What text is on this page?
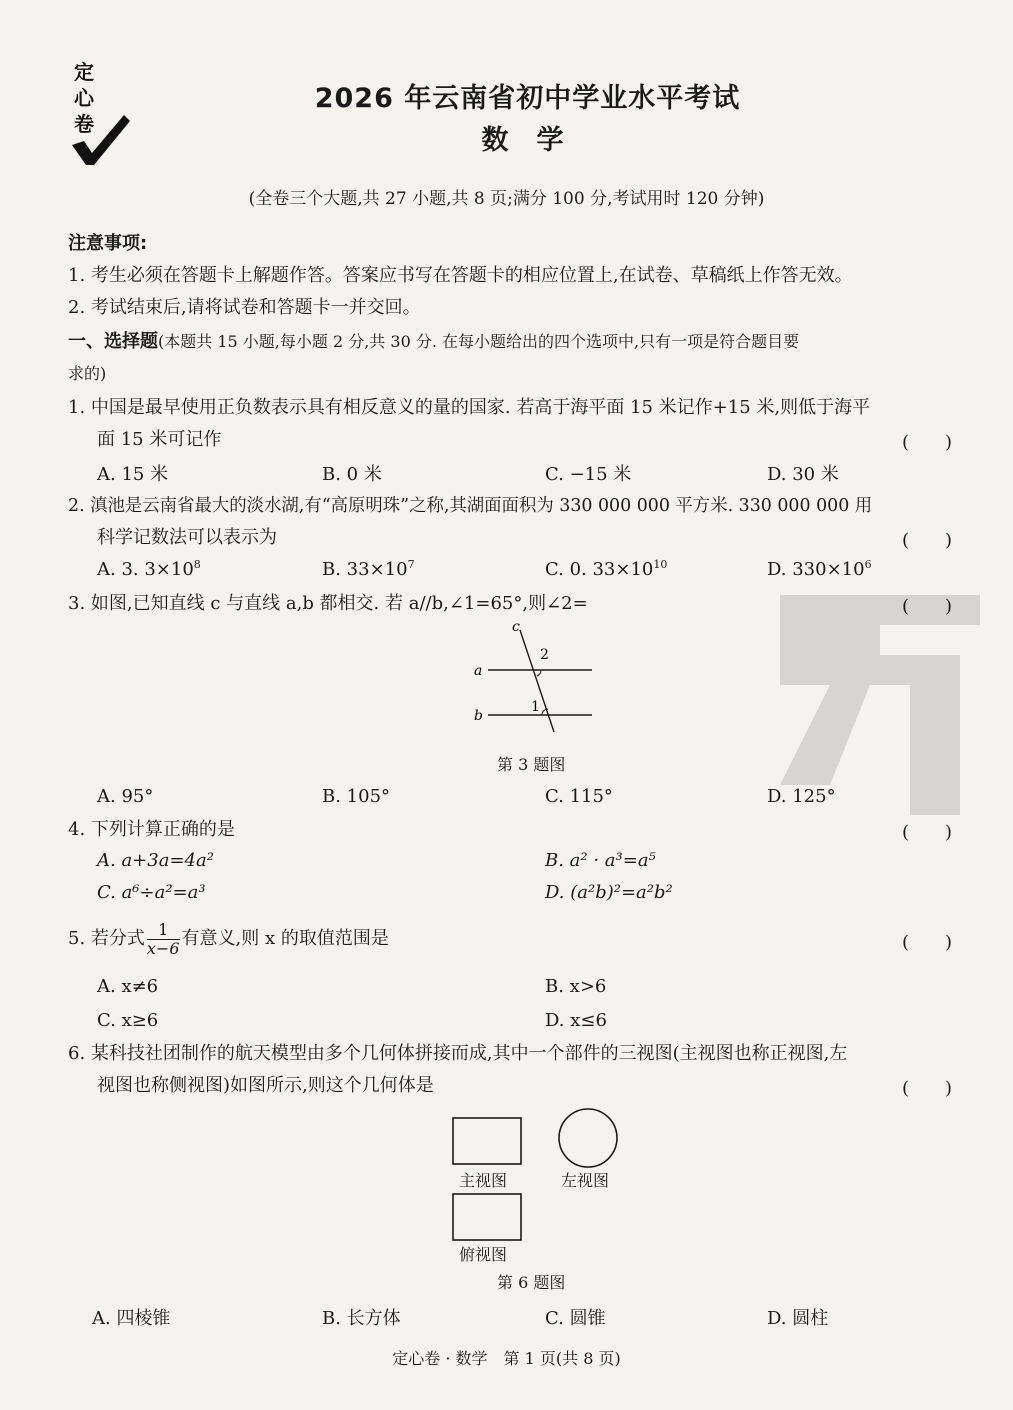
定
心
卷
2026 年云南省初中学业水平考试
数学
(全卷三个大题,共 27 小题,共 8 页;满分 100 分,考试用时 120 分钟)
注意事项:
1. 考生必须在答题卡上解题作答。答案应书写在答题卡的相应位置上,在试卷、草稿纸上作答无效。
2. 考试结束后,请将试卷和答题卡一并交回。
一、选择题(本题共 15 小题,每小题 2 分,共 30 分. 在每小题给出的四个选项中,只有一项是符合题目要
求的)
1. 中国是最早使用正负数表示具有相反意义的量的国家. 若高于海平面 15 米记作+15 米,则低于海平
面 15 米可记作	(　　)
A. 15 米	B. 0 米	C. −15 米	D. 30 米
2. 滇池是云南省最大的淡水湖,有“高原明珠”之称,其湖面面积为 330 000 000 平方米. 330 000 000 用
科学记数法可以表示为	(　　)
A. 3. $3\times 10^8$	B. $33\times 10^7$	C. 0. $33\times 10^{10}$	D. $330\times 10^6$
3. 如图,已知直线 c 与直线 a,b 都相交. 若 a//b,∠1=65°,则∠2=	(　　)
c
a
b
2
1
第 3 题图
A. 95°	B. 105°	C. 115°	D. 125°
4. 下列计算正确的是	(　　)
A. a+3a=4a²	B. a² · a³=a⁵
C. a⁶÷a²=a³	D. (a²b)²=a²b²
5. 若分式 $\frac{1}{x-6}$ 有意义,则 x 的取值范围是	(　　)
A. x≠6	B. x>6
C. x≥6	D. x≤6
6. 某科技社团制作的航天模型由多个几何体拼接而成,其中一个部件的三视图(主视图也称正视图,左
视图也称侧视图)如图所示,则这个几何体是	(　　)
主视图	左视图
俯视图
第 6 题图
A. 四棱锥	B. 长方体	C. 圆锥	D. 圆柱
定心卷 · 数学　第 1 页(共 8 页)
